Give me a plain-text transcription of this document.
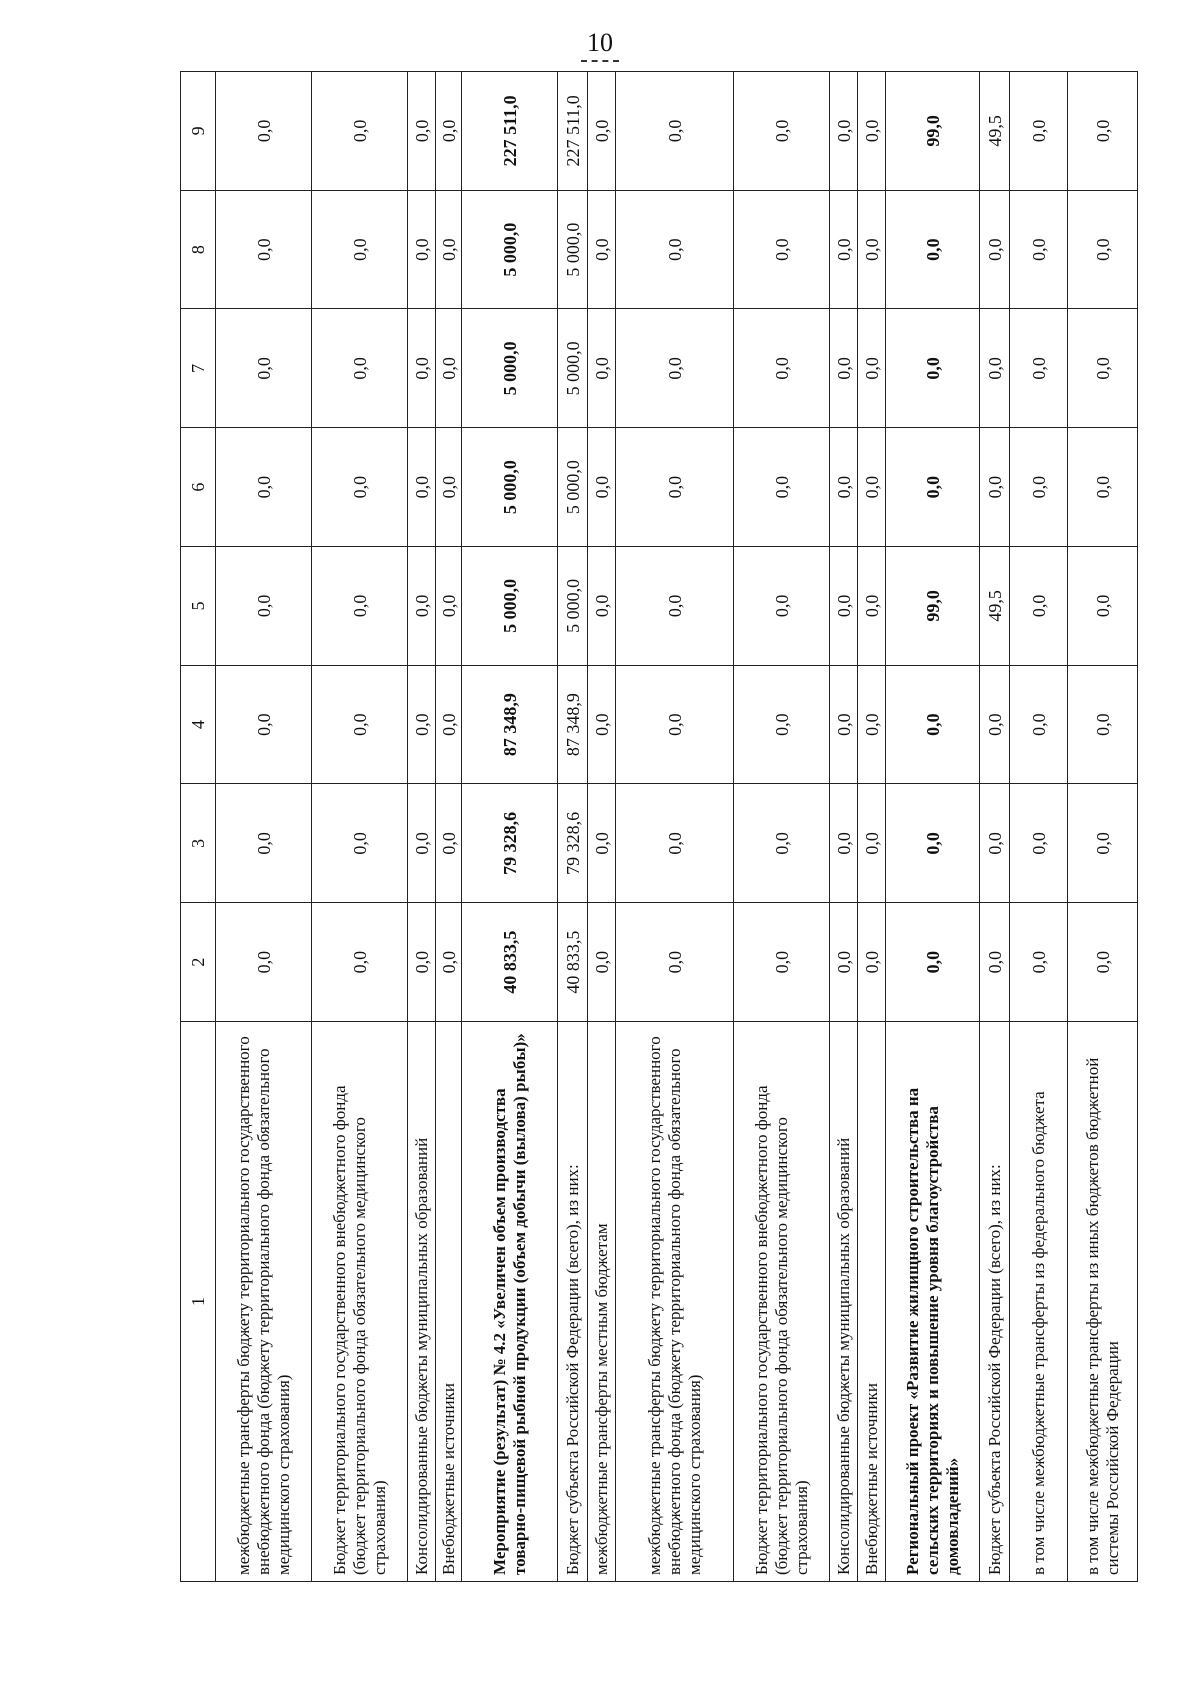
10
1	2	3	4	5	6	7	8	9
межбюджетные трансферты бюджету территориального государственного внебюджетного фонда (бюджету территориального фонда обязательного медицинского страхования)	0,0	0,0	0,0	0,0	0,0	0,0	0,0	0,0
Бюджет территориального государственного внебюджетного фонда (бюджет территориального фонда обязательного медицинского страхования)	0,0	0,0	0,0	0,0	0,0	0,0	0,0	0,0
Консолидированные бюджеты муниципальных образований	0,0	0,0	0,0	0,0	0,0	0,0	0,0	0,0
Внебюджетные источники	0,0	0,0	0,0	0,0	0,0	0,0	0,0	0,0
Мероприятие (результат) № 4.2 «Увеличен объем производства товарно-пищевой рыбной продукции (объем добычи (вылова) рыбы)»	40 833,5	79 328,6	87 348,9	5 000,0	5 000,0	5 000,0	5 000,0	227 511,0
Бюджет субъекта Российской Федерации (всего), из них:	40 833,5	79 328,6	87 348,9	5 000,0	5 000,0	5 000,0	5 000,0	227 511,0
межбюджетные трансферты местным бюджетам	0,0	0,0	0,0	0,0	0,0	0,0	0,0	0,0
межбюджетные трансферты бюджету территориального государственного внебюджетного фонда (бюджету территориального фонда обязательного медицинского страхования)	0,0	0,0	0,0	0,0	0,0	0,0	0,0	0,0
Бюджет территориального государственного внебюджетного фонда (бюджет территориального фонда обязательного медицинского страхования)	0,0	0,0	0,0	0,0	0,0	0,0	0,0	0,0
Консолидированные бюджеты муниципальных образований	0,0	0,0	0,0	0,0	0,0	0,0	0,0	0,0
Внебюджетные источники	0,0	0,0	0,0	0,0	0,0	0,0	0,0	0,0
Региональный проект «Развитие жилищного строительства на сельских территориях и повышение уровня благоустройства домовладений»	0,0	0,0	0,0	99,0	0,0	0,0	0,0	99,0
Бюджет субъекта Российской Федерации (всего), из них:	0,0	0,0	0,0	49,5	0,0	0,0	0,0	49,5
в том числе межбюджетные трансферты из федерального бюджета	0,0	0,0	0,0	0,0	0,0	0,0	0,0	0,0
в том числе межбюджетные трансферты из иных бюджетов бюджетной системы Российской Федерации	0,0	0,0	0,0	0,0	0,0	0,0	0,0	0,0
